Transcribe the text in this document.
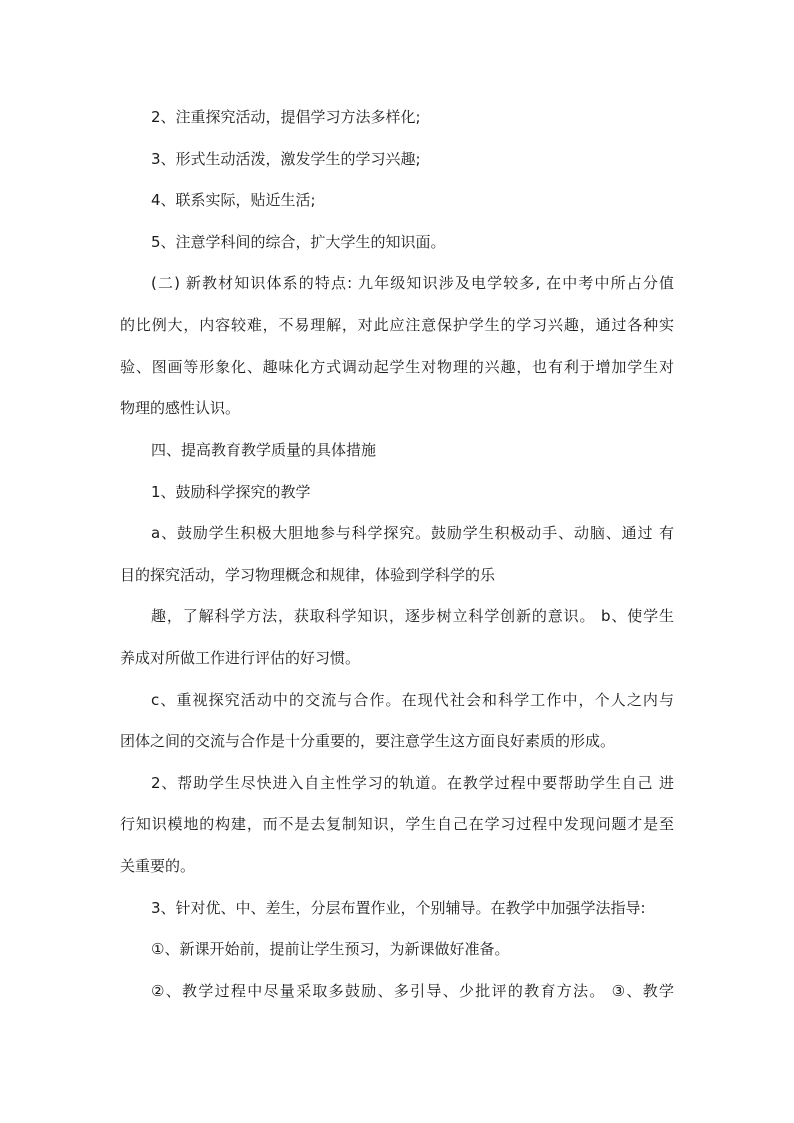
2、注重探究活动，提倡学习方法多样化;
3、形式生动活泼，激发学生的学习兴趣;
4、联系实际，贴近生活;
5、注意学科间的综合，扩大学生的知识面。
(二) 新教材知识体系的特点: 九年级知识涉及电学较多, 在中考中所占分值
的比例大，内容较难，不易理解，对此应注意保护学生的学习兴趣，通过各种实
验、图画等形象化、趣味化方式调动起学生对物理的兴趣，也有利于增加学生对
物理的感性认识。
四、提高教育教学质量的具体措施
1、鼓励科学探究的教学
a、鼓励学生积极大胆地参与科学探究。鼓励学生积极动手、动脑、通过 有
目的探究活动，学习物理概念和规律，体验到学科学的乐
趣，了解科学方法，获取科学知识，逐步树立科学创新的意识。 b、使学生
养成对所做工作进行评估的好习惯。
c、重视探究活动中的交流与合作。在现代社会和科学工作中，个人之内与
团体之间的交流与合作是十分重要的，要注意学生这方面良好素质的形成。
2、帮助学生尽快进入自主性学习的轨道。在教学过程中要帮助学生自己 进
行知识模地的构建，而不是去复制知识，学生自己在学习过程中发现问题才是至
关重要的。
3、针对优、中、差生，分层布置作业，个别辅导。在教学中加强学法指导:
①、新课开始前，提前让学生预习，为新课做好准备。
②、教学过程中尽量采取多鼓励、多引导、少批评的教育方法。 ③、教学
